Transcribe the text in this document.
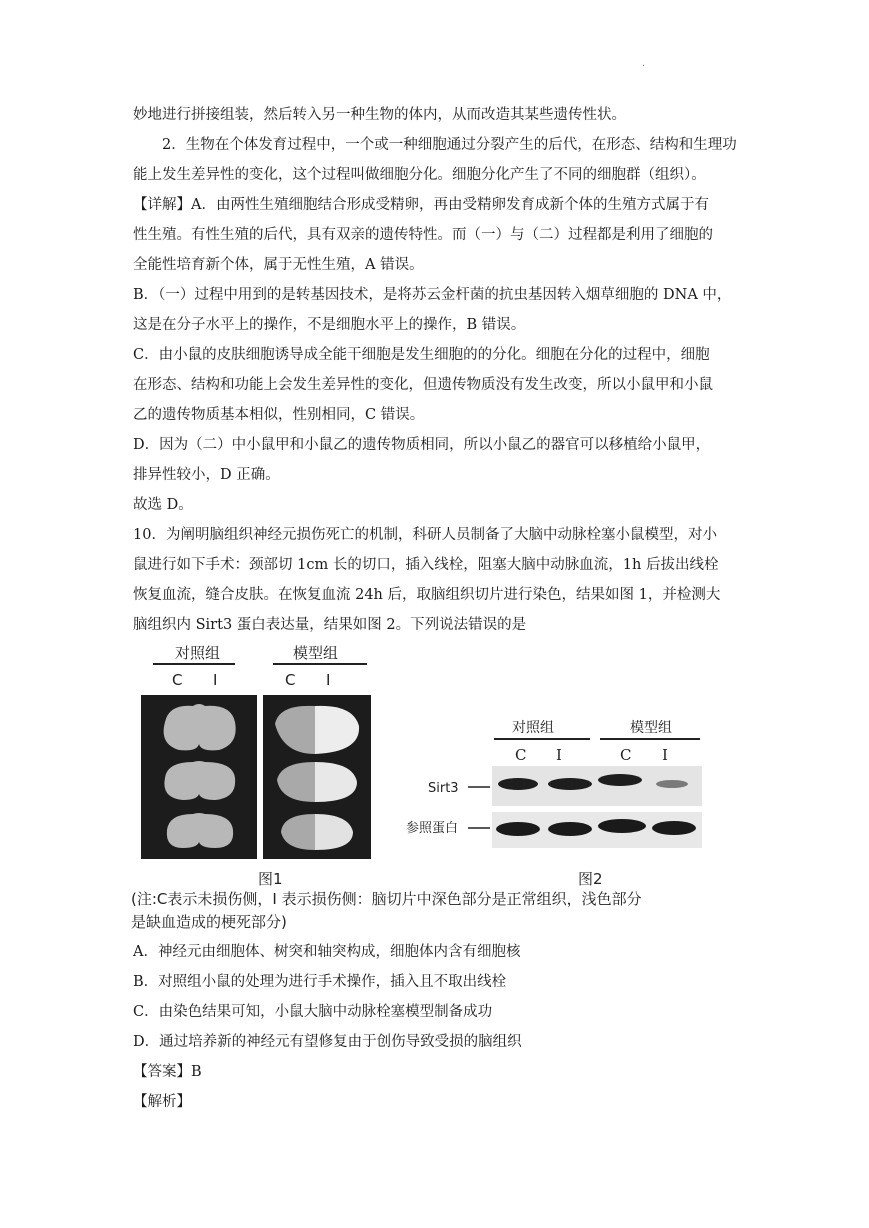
.
妙地进行拼接组装，然后转入另一种生物的体内，从而改造其某些遗传性状。
2．生物在个体发育过程中，一个或一种细胞通过分裂产生的后代，在形态、结构和生理功
能上发生差异性的变化，这个过程叫做细胞分化。细胞分化产生了不同的细胞群（组织）。
【详解】A．由两性生殖细胞结合形成受精卵，再由受精卵发育成新个体的生殖方式属于有
性生殖。有性生殖的后代，具有双亲的遗传特性。而（一）与（二）过程都是利用了细胞的
全能性培育新个体，属于无性生殖，A 错误。
B．（一）过程中用到的是转基因技术，是将苏云金杆菌的抗虫基因转入烟草细胞的 DNA 中，
这是在分子水平上的操作，不是细胞水平上的操作，B 错误。
C．由小鼠的皮肤细胞诱导成全能干细胞是发生细胞的的分化。细胞在分化的过程中，细胞
在形态、结构和功能上会发生差异性的变化，但遗传物质没有发生改变，所以小鼠甲和小鼠
乙的遗传物质基本相似，性别相同，C 错误。
D．因为（二）中小鼠甲和小鼠乙的遗传物质相同，所以小鼠乙的器官可以移植给小鼠甲，
排异性较小，D 正确。
故选 D。
10．为阐明脑组织神经元损伤死亡的机制，科研人员制备了大脑中动脉栓塞小鼠模型，对小
鼠进行如下手术：颈部切 1cm 长的切口，插入线栓，阻塞大脑中动脉血流，1h 后拔出线栓
恢复血流，缝合皮肤。在恢复血流 24h 后，取脑组织切片进行染色，结果如图 1，并检测大
脑组织内 Sirt3 蛋白表达量，结果如图 2。下列说法错误的是
对照组	模型组
C I	C I
图1
对照组	模型组
C I	C I
Sirt3
参照蛋白
图2
(注:C表示未损伤侧，I 表示损伤侧：脑切片中深色部分是正常组织，浅色部分
是缺血造成的梗死部分)
A．神经元由细胞体、树突和轴突构成，细胞体内含有细胞核
B．对照组小鼠的处理为进行手术操作，插入且不取出线栓
C．由染色结果可知，小鼠大脑中动脉栓塞模型制备成功
D．通过培养新的神经元有望修复由于创伤导致受损的脑组织
【答案】B
【解析】
